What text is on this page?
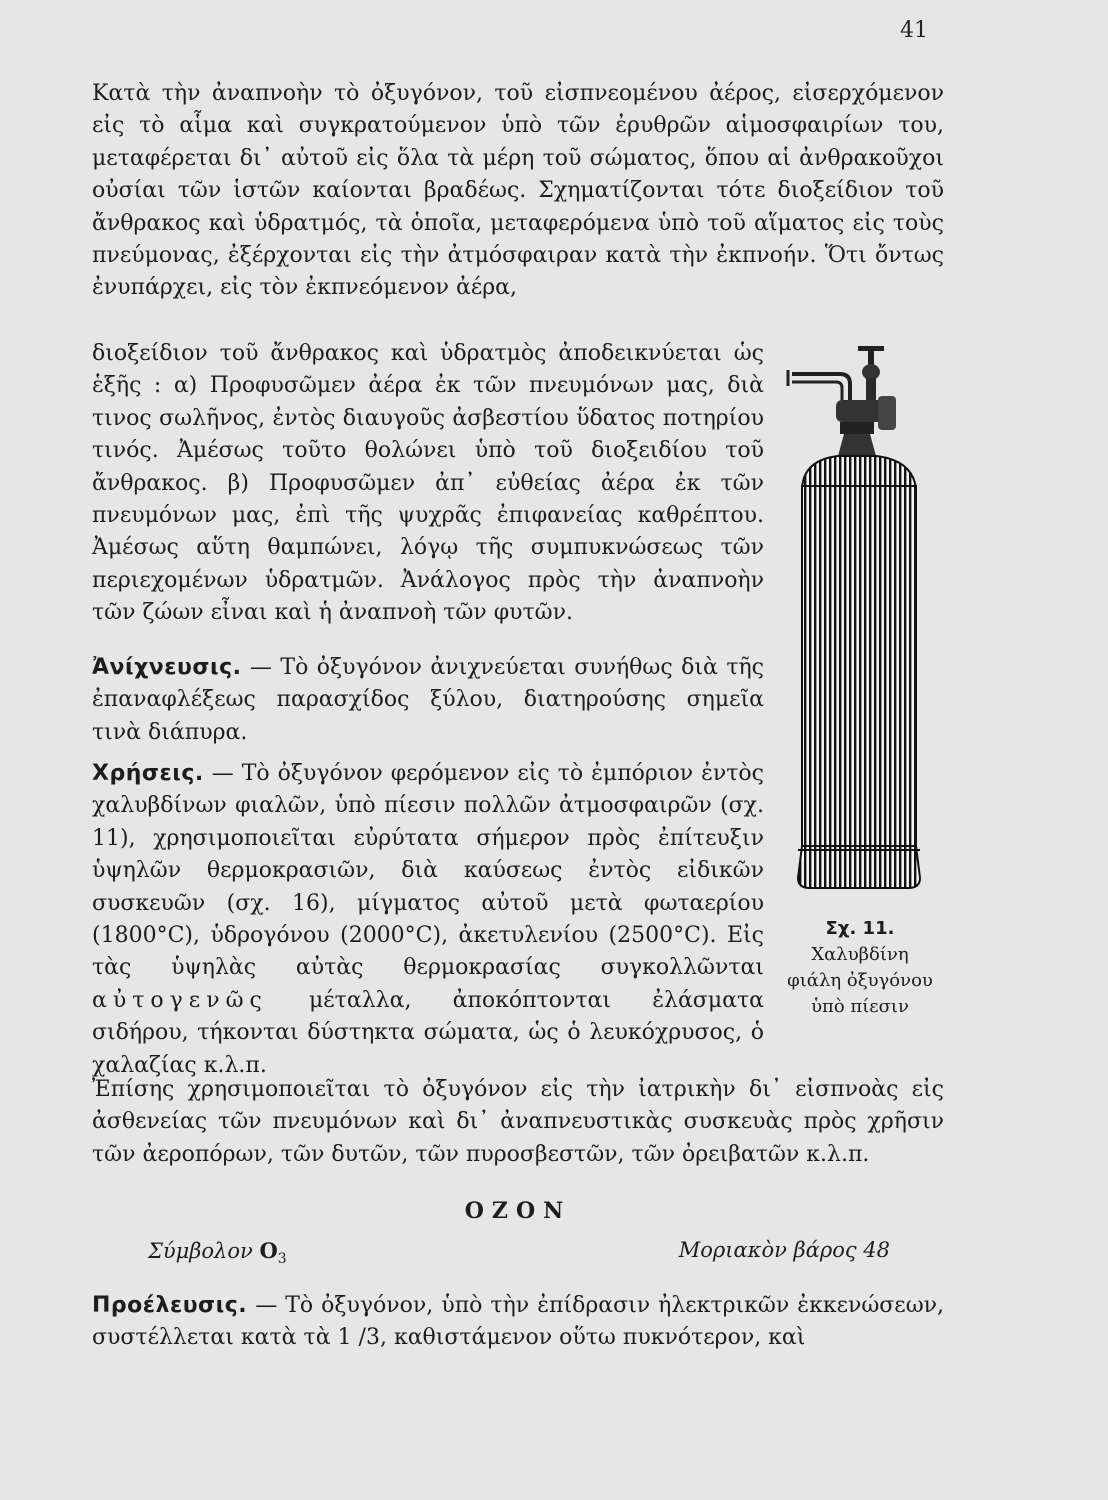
41
Κατὰ τὴν ἀναπνοὴν τὸ ὀξυγόνον, τοῦ εἰσπνεομένου ἀέρος, εἰσερχόμενον εἰς τὸ αἷμα καὶ συγκρατούμενον ὑπὸ τῶν ἐρυθρῶν αἱμοσφαιρίων του, μεταφέρεται δι᾽ αὐτοῦ εἰς ὅλα τὰ μέρη τοῦ σώματος, ὅπου αἱ ἀνθρακοῦχοι οὐσίαι τῶν ἱστῶν καίονται βραδέως. Σχηματίζονται τότε διοξείδιον τοῦ ἄνθρακος καὶ ὑδρατμός, τὰ ὁποῖα, μεταφερόμενα ὑπὸ τοῦ αἵματος εἰς τοὺς πνεύμονας, ἐξέρχονται εἰς τὴν ἀτμόσφαιραν κατὰ τὴν ἐκπνοήν. Ὅτι ὄντως ἐνυπάρχει, εἰς τὸν ἐκπνεόμενον ἀέρα,
διοξείδιον τοῦ ἄνθρακος καὶ ὑδρατμὸς ἀποδεικνύεται ὡς ἑξῆς : α) Προφυσῶμεν ἀέρα ἐκ τῶν πνευμόνων μας, διὰ τινος σωλῆνος, ἐντὸς διαυγοῦς ἀσβεστίου ὕδατος ποτηρίου τινός. Ἀμέσως τοῦτο θολώνει ὑπὸ τοῦ διοξειδίου τοῦ ἄνθρακος. β) Προφυσῶμεν ἀπ᾽ εὐθείας ἀέρα ἐκ τῶν πνευμόνων μας, ἐπὶ τῆς ψυχρᾶς ἐπιφανείας καθρέπτου. Ἀμέσως αὕτη θαμπώνει, λόγῳ τῆς συμπυκνώσεως τῶν περιεχομένων ὑδρατμῶν. Ἀνάλογος πρὸς τὴν ἀναπνοὴν τῶν ζώων εἶναι καὶ ἡ ἀναπνοὴ τῶν φυτῶν.
Ἀνίχνευσις. — Τὸ ὀξυγόνον ἀνιχνεύεται συνήθως διὰ τῆς ἐπαναφλέξεως παρασχίδος ξύλου, διατηρούσης σημεῖα τινὰ διάπυρα.
Χρήσεις. — Τὸ ὀξυγόνον φερόμενον εἰς τὸ ἐμπόριον ἐντὸς χαλυβδίνων φιαλῶν, ὑπὸ πίεσιν πολλῶν ἀτμοσφαιρῶν (σχ. 11), χρησιμοποιεῖται εὐρύτατα σήμερον πρὸς ἐπίτευξιν ὑψηλῶν θερμοκρασιῶν, διὰ καύσεως ἐντὸς εἰδικῶν συσκευῶν (σχ. 16), μίγματος αὐτοῦ μετὰ φωταερίου (1800°C), ὑδρογόνου (2000°C), ἀκετυλενίου (2500°C). Εἰς τὰς ὑψηλὰς αὐτὰς θερμοκρασίας συγκολλῶνται αὐτογενῶς μέταλλα, ἀποκόπτονται ἐλάσματα σιδήρου, τήκονται δύστηκτα σώματα, ὡς ὁ λευκόχρυσος, ὁ χαλαζίας κ.λ.π.
Ἐπίσης χρησιμοποιεῖται τὸ ὀξυγόνον εἰς τὴν ἰατρικὴν δι᾽ εἰσπνοὰς εἰς ἀσθενείας τῶν πνευμόνων καὶ δι᾽ ἀναπνευστικὰς συσκευὰς πρὸς χρῆσιν τῶν ἀεροπόρων, τῶν δυτῶν, τῶν πυροσβεστῶν, τῶν ὀρειβατῶν κ.λ.π.
Σχ. 11. Χαλυβδίνη φιάλη ὀξυγόνου ὑπὸ πίεσιν
ΟΖΟΝ
Σύμβολον $O_3$	Μοριακὸν βάρος 48
Προέλευσις. — Τὸ ὀξυγόνον, ὑπὸ τὴν ἐπίδρασιν ἠλεκτρικῶν ἐκκενώσεων, συστέλλεται κατὰ τὰ 1 /3, καθιστάμενον οὕτω πυκνότερον, καὶ
